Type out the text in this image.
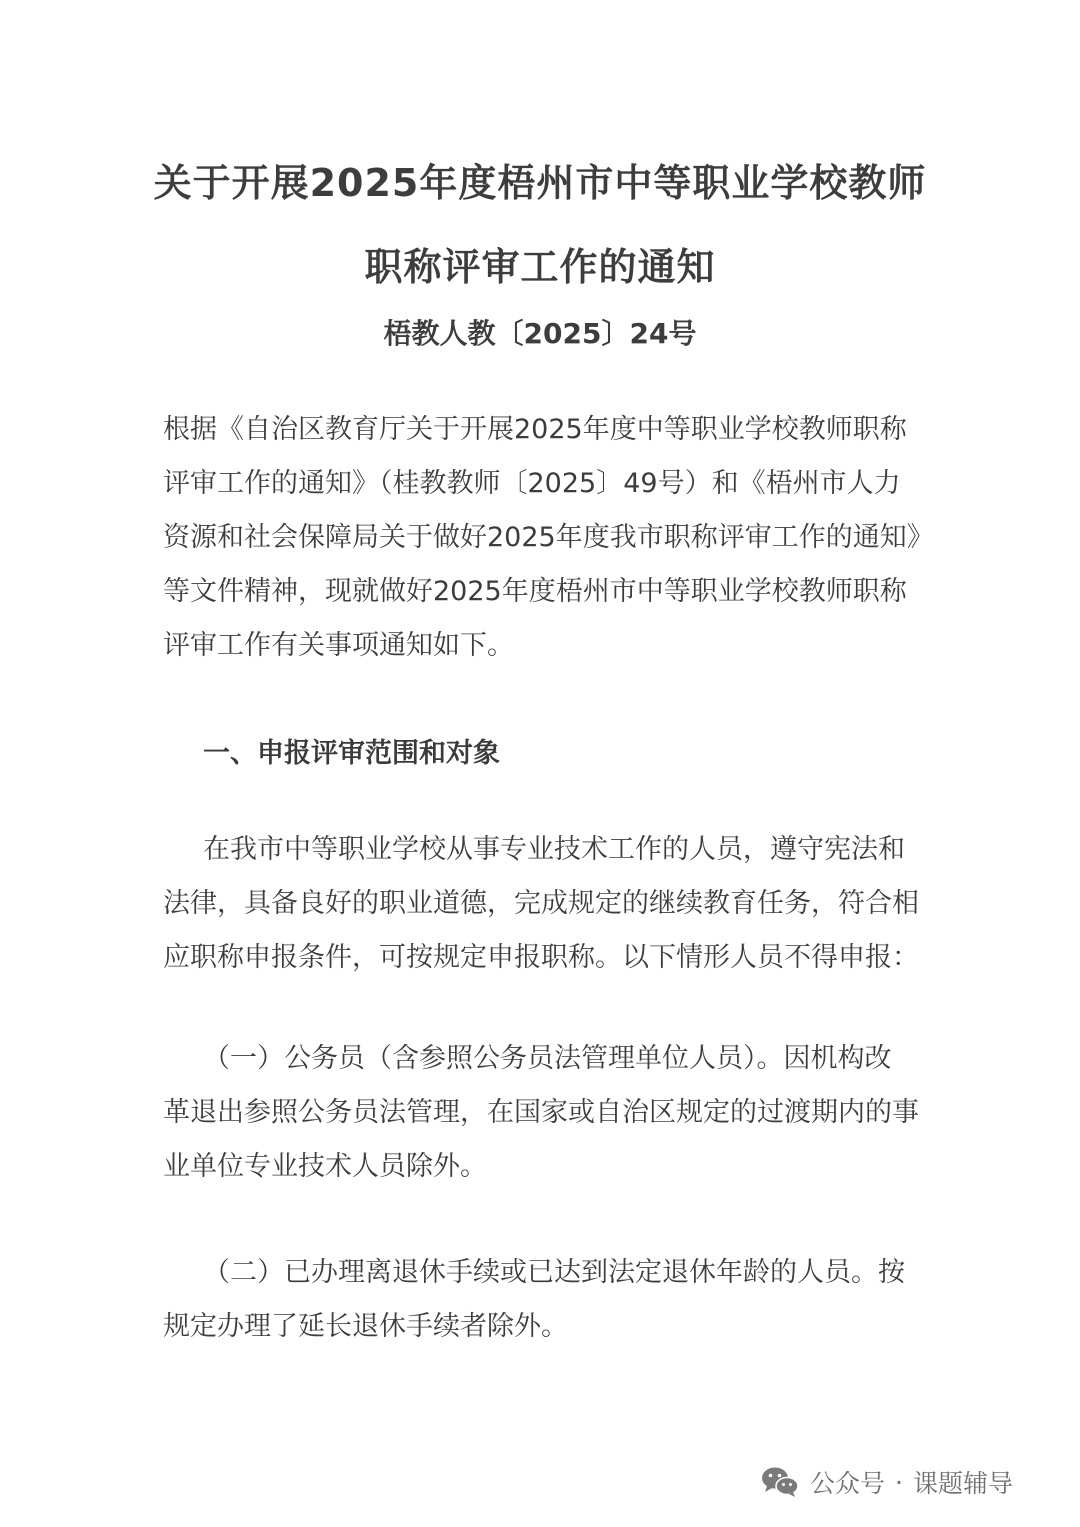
关于开展2025年度梧州市中等职业学校教师
职称评审工作的通知
梧教人教〔2025〕24号
根据《自治区教育厅关于开展2025年度中等职业学校教师职称
评审工作的通知》（桂教教师〔2025〕49号）和《梧州市人力
资源和社会保障局关于做好2025年度我市职称评审工作的通知》
等文件精神，现就做好2025年度梧州市中等职业学校教师职称
评审工作有关事项通知如下。
一、申报评审范围和对象
在我市中等职业学校从事专业技术工作的人员，遵守宪法和
法律，具备良好的职业道德，完成规定的继续教育任务，符合相
应职称申报条件，可按规定申报职称。以下情形人员不得申报：
（一）公务员（含参照公务员法管理单位人员）。因机构改
革退出参照公务员法管理，在国家或自治区规定的过渡期内的事
业单位专业技术人员除外。
（二）已办理离退休手续或已达到法定退休年龄的人员。按
规定办理了延长退休手续者除外。
公众号 · 课题辅导
